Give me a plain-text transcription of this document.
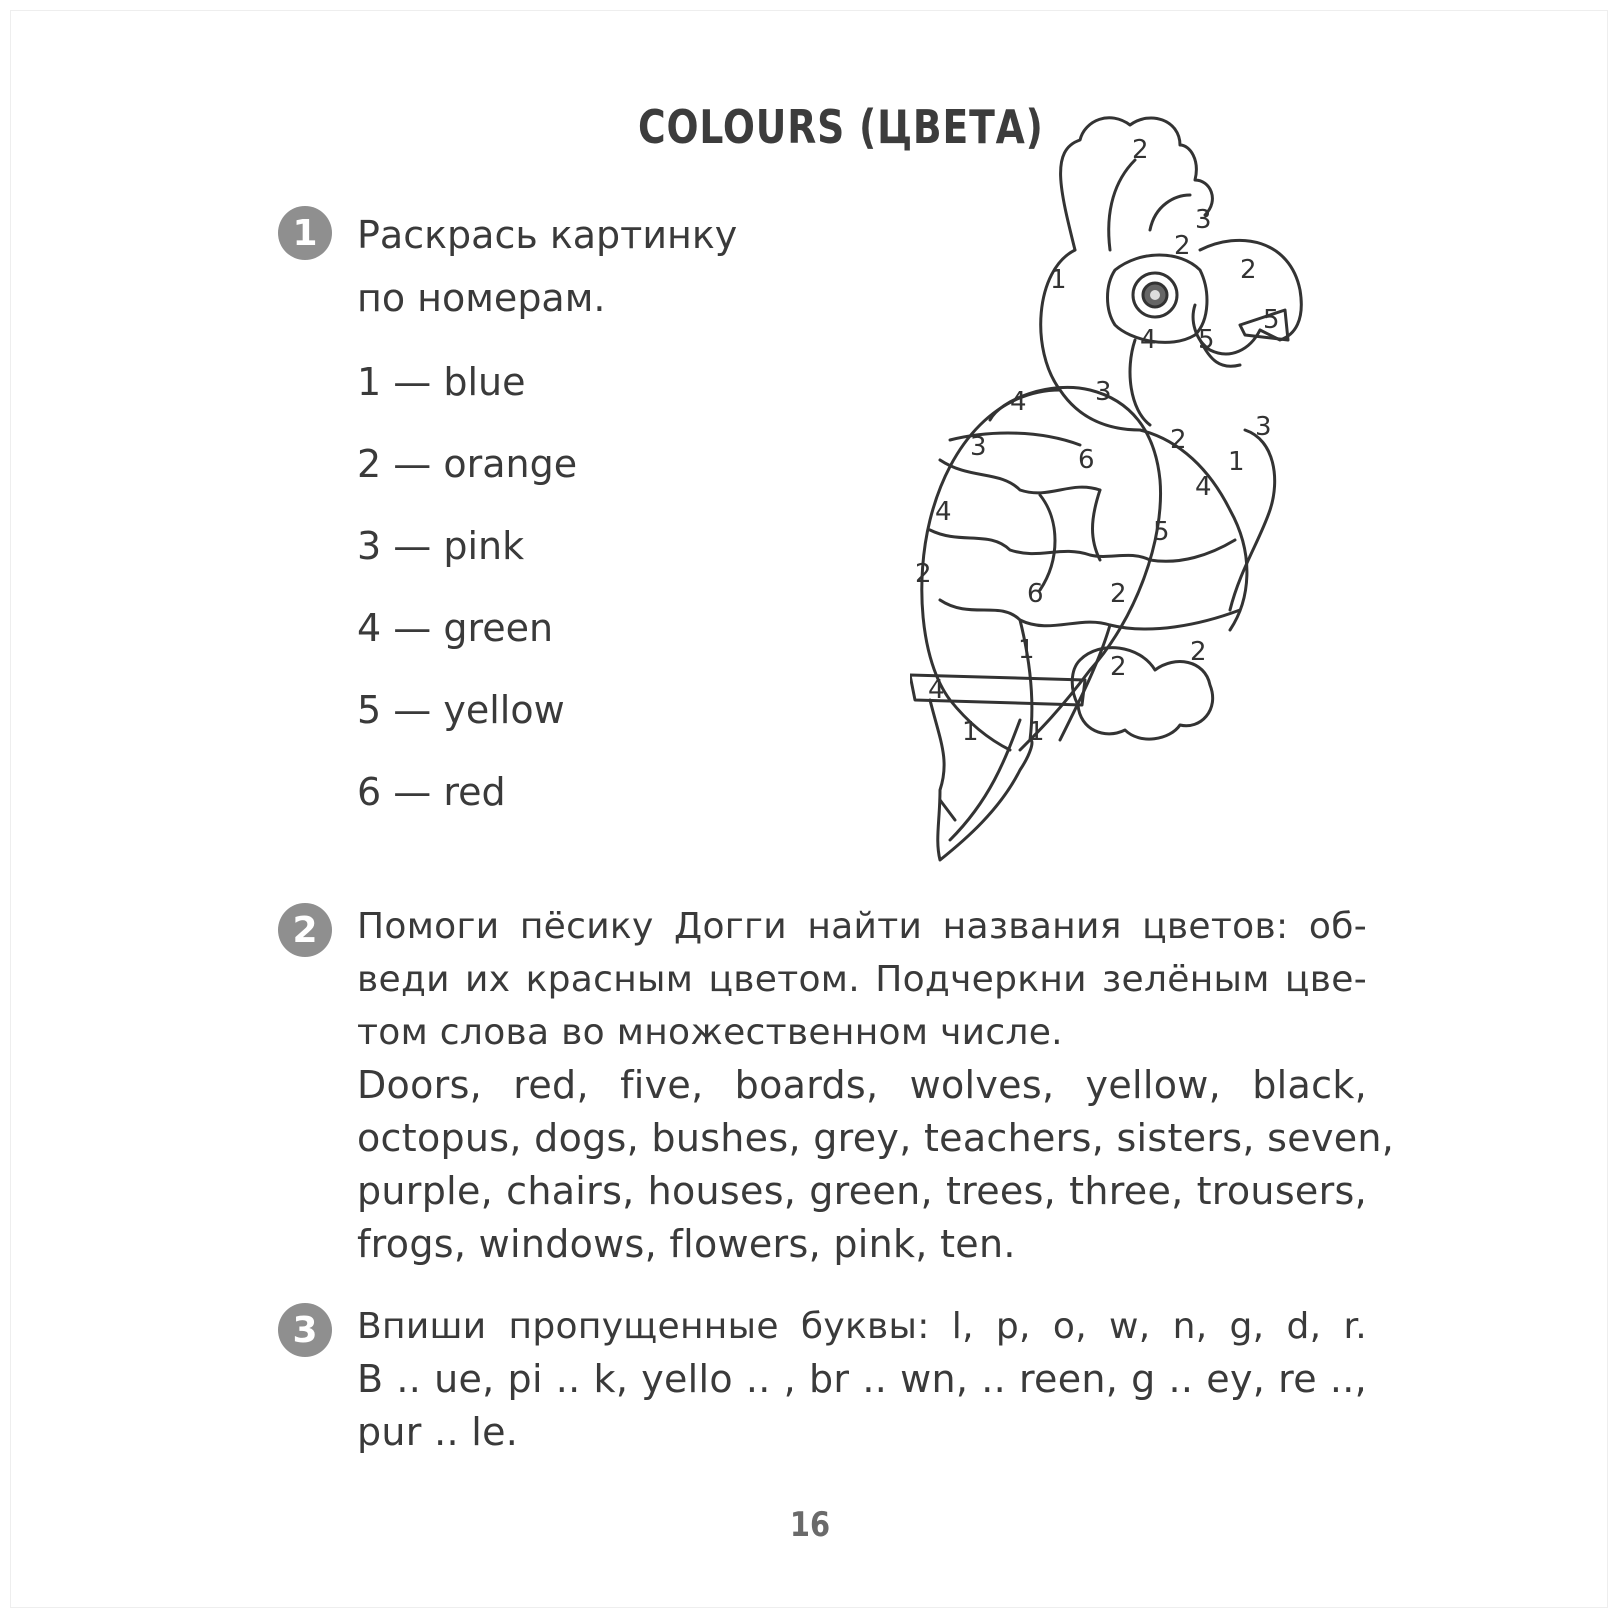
COLOURS (ЦВЕТА)
1	Раскрась картинку
по номерам.
1 — blue
2 — orange
3 — pink
4 — green
5 — yellow
6 — red
2
3
2
1	2
5
4 5
4	3
3	6
2	3
1
4
4
5
2
6	2
1
2 2
4
1 1
2	Помоги пёсику Догги найти названия цветов: об-
веди их красным цветом. Подчеркни зелёным цве-
том слова во множественном числе.
Doors, red, five, boards, wolves, yellow, black,
octopus, dogs, bushes, grey, teachers, sisters, seven,
purple, chairs, houses, green, trees, three, trousers,
frogs, windows, flowers, pink, ten.
3	Впиши пропущенные буквы: l, p, o, w, n, g, d, r.
B .. ue, pi .. k, yello .. , br .. wn, .. reen, g .. ey, re ..,
pur .. le.
16
